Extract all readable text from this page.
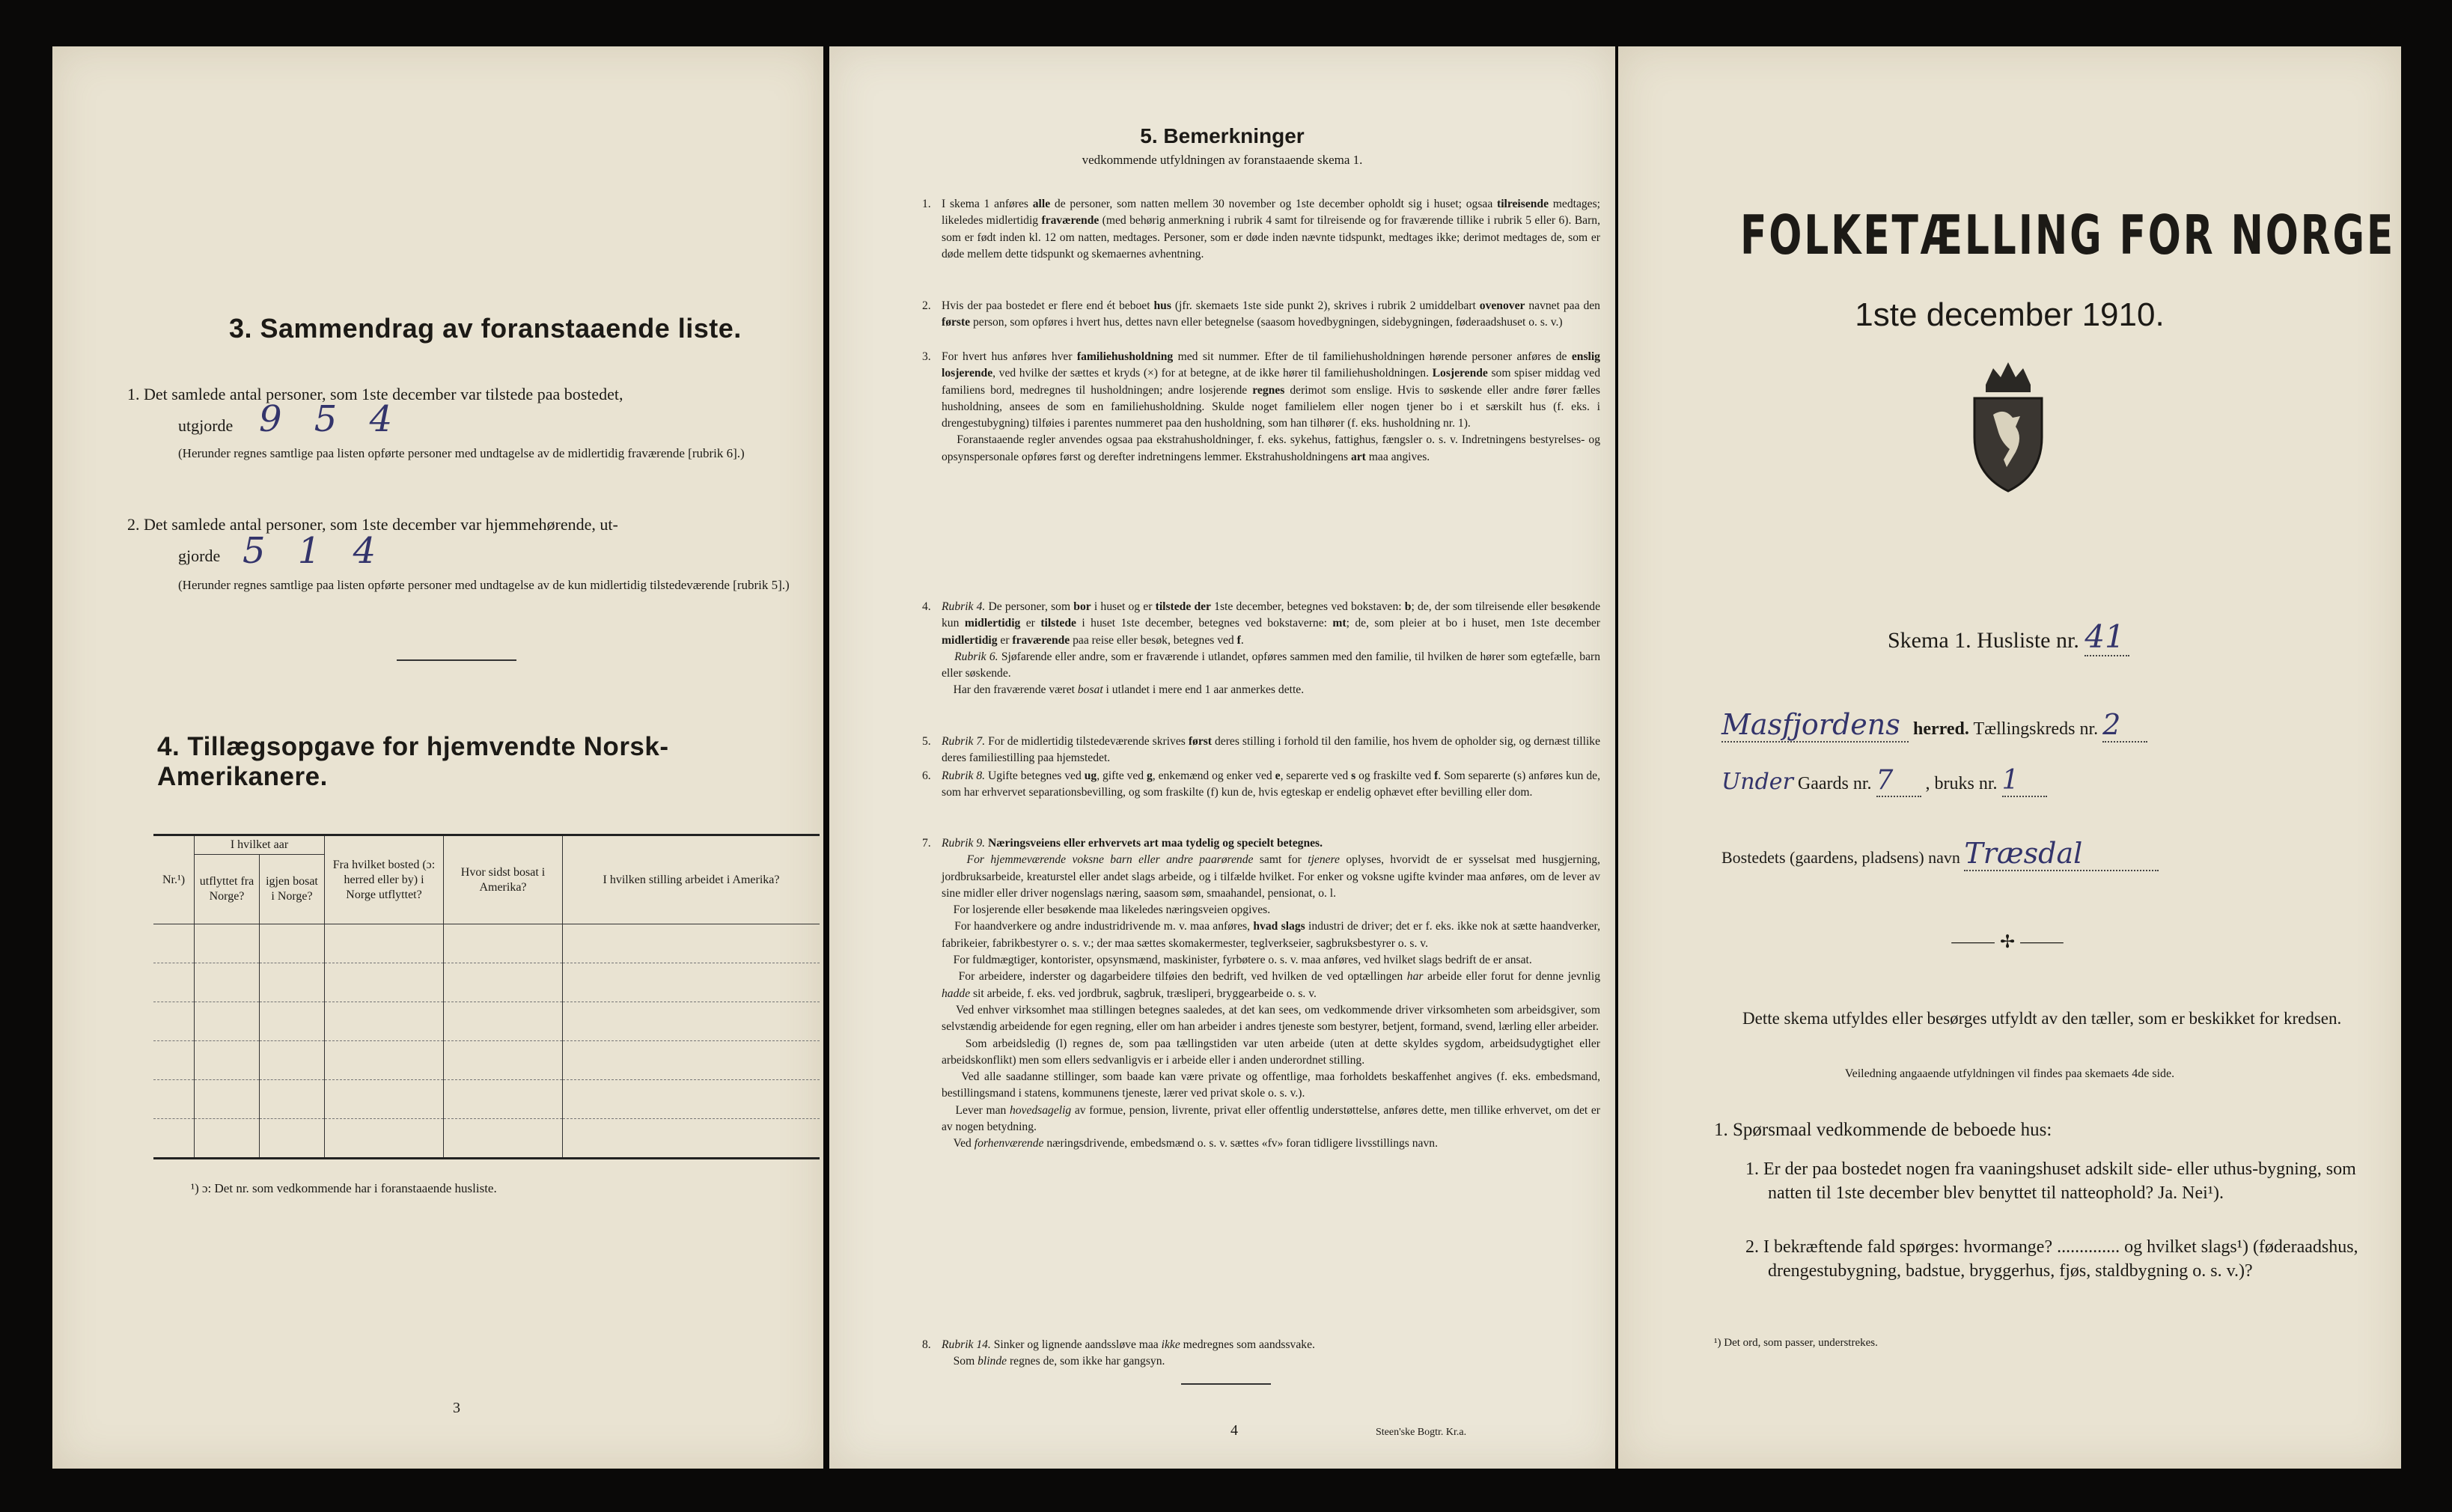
3. Sammendrag av foranstaaende liste.
1. Det samlede antal personer, som 1ste december var tilstede paa bostedet,
utgjorde 9 5 4
(Herunder regnes samtlige paa listen opførte personer med undtagelse av de midlertidig fraværende [rubrik 6].)
2. Det samlede antal personer, som 1ste december var hjemmehørende, ut-
gjorde 5 1 4
(Herunder regnes samtlige paa listen opførte personer med undtagelse av de kun midlertidig tilstedeværende [rubrik 5].)
4. Tillægsopgave for hjemvendte Norsk-Amerikanere.
Nr.¹)	I hvilket aar		Fra hvilket bosted (ɔ: herred eller by) i Norge utflyttet?	Hvor sidst bosat i Amerika?	I hvilken stilling arbeidet i Amerika?
	utflyttet fra Norge?	igjen bosat i Norge?			

¹) ɔ: Det nr. som vedkommende har i foranstaaende husliste.
3
5. Bemerkninger
vedkommende utfyldningen av foranstaaende skema 1.
1. I skema 1 anføres alle de personer, som natten mellem 30 november og 1ste december opholdt sig i huset; ogsaa tilreisende medtages; likeledes midlertidig fraværende (med behørig anmerkning i rubrik 4 samt for tilreisende og for fraværende tillike i rubrik 5 eller 6). Barn, som er født inden kl. 12 om natten, medtages. Personer, som er døde inden nævnte tidspunkt, medtages ikke; derimot medtages de, som er døde mellem dette tidspunkt og skemaernes avhentning.
2. Hvis der paa bostedet er flere end ét beboet hus (jfr. skemaets 1ste side punkt 2), skrives i rubrik 2 umiddelbart ovenover navnet paa den første person, som opføres i hvert hus, dettes navn eller betegnelse (saasom hovedbygningen, sidebygningen, føderaadshuset o. s. v.)
3. For hvert hus anføres hver familiehusholdning med sit nummer. Efter de til familiehusholdningen hørende personer anføres de enslig losjerende, ved hvilke der sættes et kryds (×) for at betegne, at de ikke hører til familiehusholdningen. Losjerende som spiser middag ved familiens bord, medregnes til husholdningen; andre losjerende regnes derimot som enslige. Hvis to søskende eller andre fører fælles husholdning, ansees de som en familiehusholdning. Skulde noget familielem eller nogen tjener bo i et særskilt hus (f. eks. i drengestubygning) tilføies i parentes nummeret paa den husholdning, som han tilhører (f. eks. husholdning nr. 1).
Foranstaaende regler anvendes ogsaa paa ekstrahusholdninger, f. eks. sykehus, fattighus, fængsler o. s. v. Indretningens bestyrelses- og opsynspersonale opføres først og derefter indretningens lemmer. Ekstrahusholdningens art maa angives.
4. Rubrik 4. De personer, som bor i huset og er tilstede der 1ste december, betegnes ved bokstaven: b; de, der som tilreisende eller besøkende kun midlertidig er tilstede i huset 1ste december, betegnes ved bokstaverne: mt; de, som pleier at bo i huset, men 1ste december midlertidig er fraværende paa reise eller besøk, betegnes ved f.
Rubrik 6. Sjøfarende eller andre, som er fraværende i utlandet, opføres sammen med den familie, til hvilken de hører som egtefælle, barn eller søskende.
Har den fraværende været bosat i utlandet i mere end 1 aar anmerkes dette.
5. Rubrik 7. For de midlertidig tilstedeværende skrives først deres stilling i forhold til den familie, hos hvem de opholder sig, og dernæst tillike deres familiestilling paa hjemstedet.
6. Rubrik 8. Ugifte betegnes ved ug, gifte ved g, enkemænd og enker ved e, separerte ved s og fraskilte ved f. Som separerte (s) anføres kun de, som har erhvervet separationsbevilling, og som fraskilte (f) kun de, hvis egteskap er endelig ophævet efter bevilling eller dom.
7. Rubrik 9. Næringsveiens eller erhvervets art maa tydelig og specielt betegnes.
For hjemmeværende voksne barn eller andre paarørende samt for tjenere oplyses, hvorvidt de er sysselsat med husgjerning, jordbruksarbeide, kreaturstel eller andet slags arbeide, og i tilfælde hvilket. For enker og voksne ugifte kvinder maa anføres, om de lever av sine midler eller driver nogenslags næring, saasom søm, smaahandel, pensionat, o. l.
For losjerende eller besøkende maa likeledes næringsveien opgives.
For haandverkere og andre industridrivende m. v. maa anføres, hvad slags industri de driver; det er f. eks. ikke nok at sætte haandverker, fabrikeier, fabrikbestyrer o. s. v.; der maa sættes skomakermester, teglverkseier, sagbruksbestyrer o. s. v.
For fuldmægtiger, kontorister, opsynsmænd, maskinister, fyrbøtere o. s. v. maa anføres, ved hvilket slags bedrift de er ansat.
For arbeidere, inderster og dagarbeidere tilføies den bedrift, ved hvilken de ved optællingen har arbeide eller forut for denne jevnlig hadde sit arbeide, f. eks. ved jordbruk, sagbruk, træsliperi, bryggearbeide o. s. v.
Ved enhver virksomhet maa stillingen betegnes saaledes, at det kan sees, om vedkommende driver virksomheten som arbeidsgiver, som selvstændig arbeidende for egen regning, eller om han arbeider i andres tjeneste som bestyrer, betjent, formand, svend, lærling eller arbeider.
Som arbeidsledig (l) regnes de, som paa tællingstiden var uten arbeide (uten at dette skyldes sygdom, arbeidsudygtighet eller arbeidskonflikt) men som ellers sedvanligvis er i arbeide eller i anden underordnet stilling.
Ved alle saadanne stillinger, som baade kan være private og offentlige, maa forholdets beskaffenhet angives (f. eks. embedsmand, bestillingsmand i statens, kommunens tjeneste, lærer ved privat skole o. s. v.).
Lever man hovedsagelig av formue, pension, livrente, privat eller offentlig understøttelse, anføres dette, men tillike erhvervet, om det er av nogen betydning.
Ved forhenværende næringsdrivende, embedsmænd o. s. v. sættes «fv» foran tidligere livsstillings navn.
8. Rubrik 14. Sinker og lignende aandssløve maa ikke medregnes som aandssvake.
Som blinde regnes de, som ikke har gangsyn.
4	Steen'ske Bogtr. Kr.a.
FOLKETÆLLING FOR NORGE
1ste december 1910.
Skema 1. Husliste nr. 41
Masfjordens herred. Tællingskreds nr. 2
Under Gaards nr. 7 , bruks nr. 1
Bostedets (gaardens, pladsens) navn Træsdal
⸻ ✢ ⸻
Dette skema utfyldes eller besørges utfyldt av den tæller, som er beskikket for kredsen.
Veiledning angaaende utfyldningen vil findes paa skemaets 4de side.
1. Spørsmaal vedkommende de beboede hus:
1. Er der paa bostedet nogen fra vaaningshuset adskilt side- eller uthus-bygning, som natten til 1ste december blev benyttet til natteophold? Ja. Nei¹).
2. I bekræftende fald spørges: hvormange? .............. og hvilket slags¹) (føderaadshus, drengestubygning, badstue, bryggerhus, fjøs, staldbygning o. s. v.)?
¹) Det ord, som passer, understrekes.
